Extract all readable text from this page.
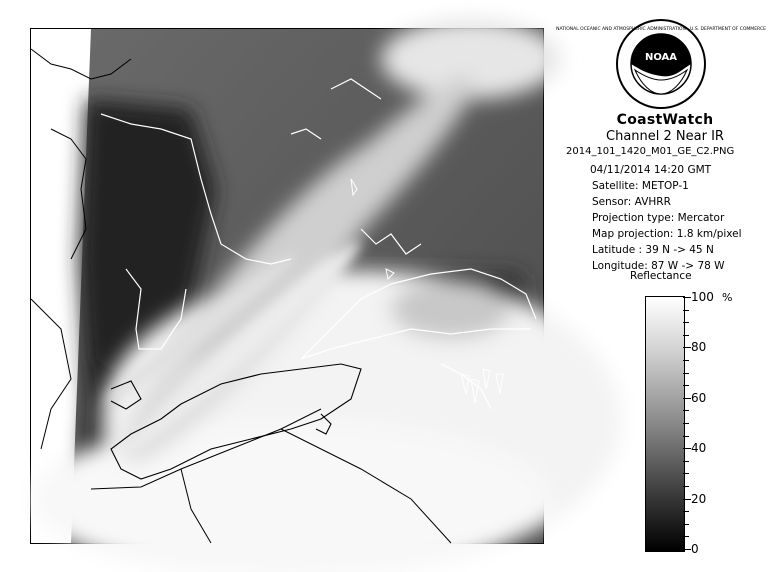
NOAA
NATIONAL OCEANIC AND ATMOSPHERIC ADMINISTRATION · U.S. DEPARTMENT OF COMMERCE
CoastWatch
Channel 2 Near IR
2014_101_1420_M01_GE_C2.PNG
04/11/2014 14:20 GMT
Satellite: METOP-1
Sensor: AVHRR
Projection type: Mercator
Map projection: 1.8 km/pixel
Latitude : 39 N -> 45 N
Longitude: 87 W -> 78 W
Reflectance
%
100
80
60
40
20
0
